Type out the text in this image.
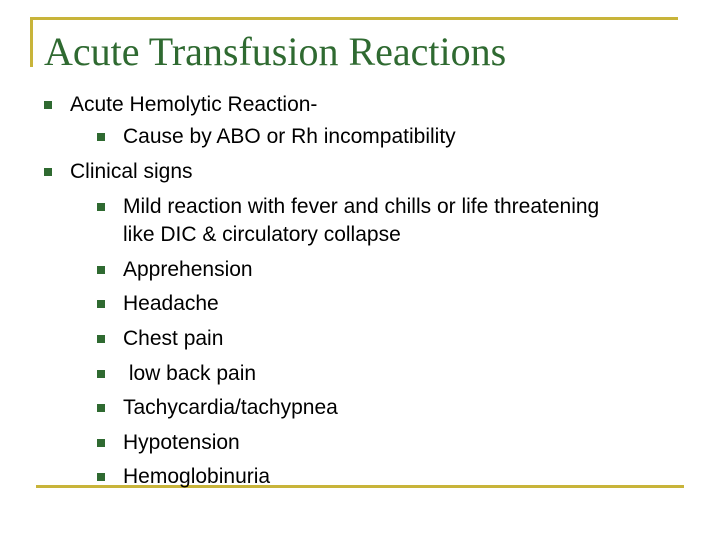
Acute Transfusion Reactions
Acute Hemolytic Reaction-
Cause by ABO or Rh incompatibility
Clinical signs
Mild reaction with fever and chills or life threatening
like DIC & circulatory collapse
Apprehension
Headache
Chest pain
low back pain
Tachycardia/tachypnea
Hypotension
Hemoglobinuria
